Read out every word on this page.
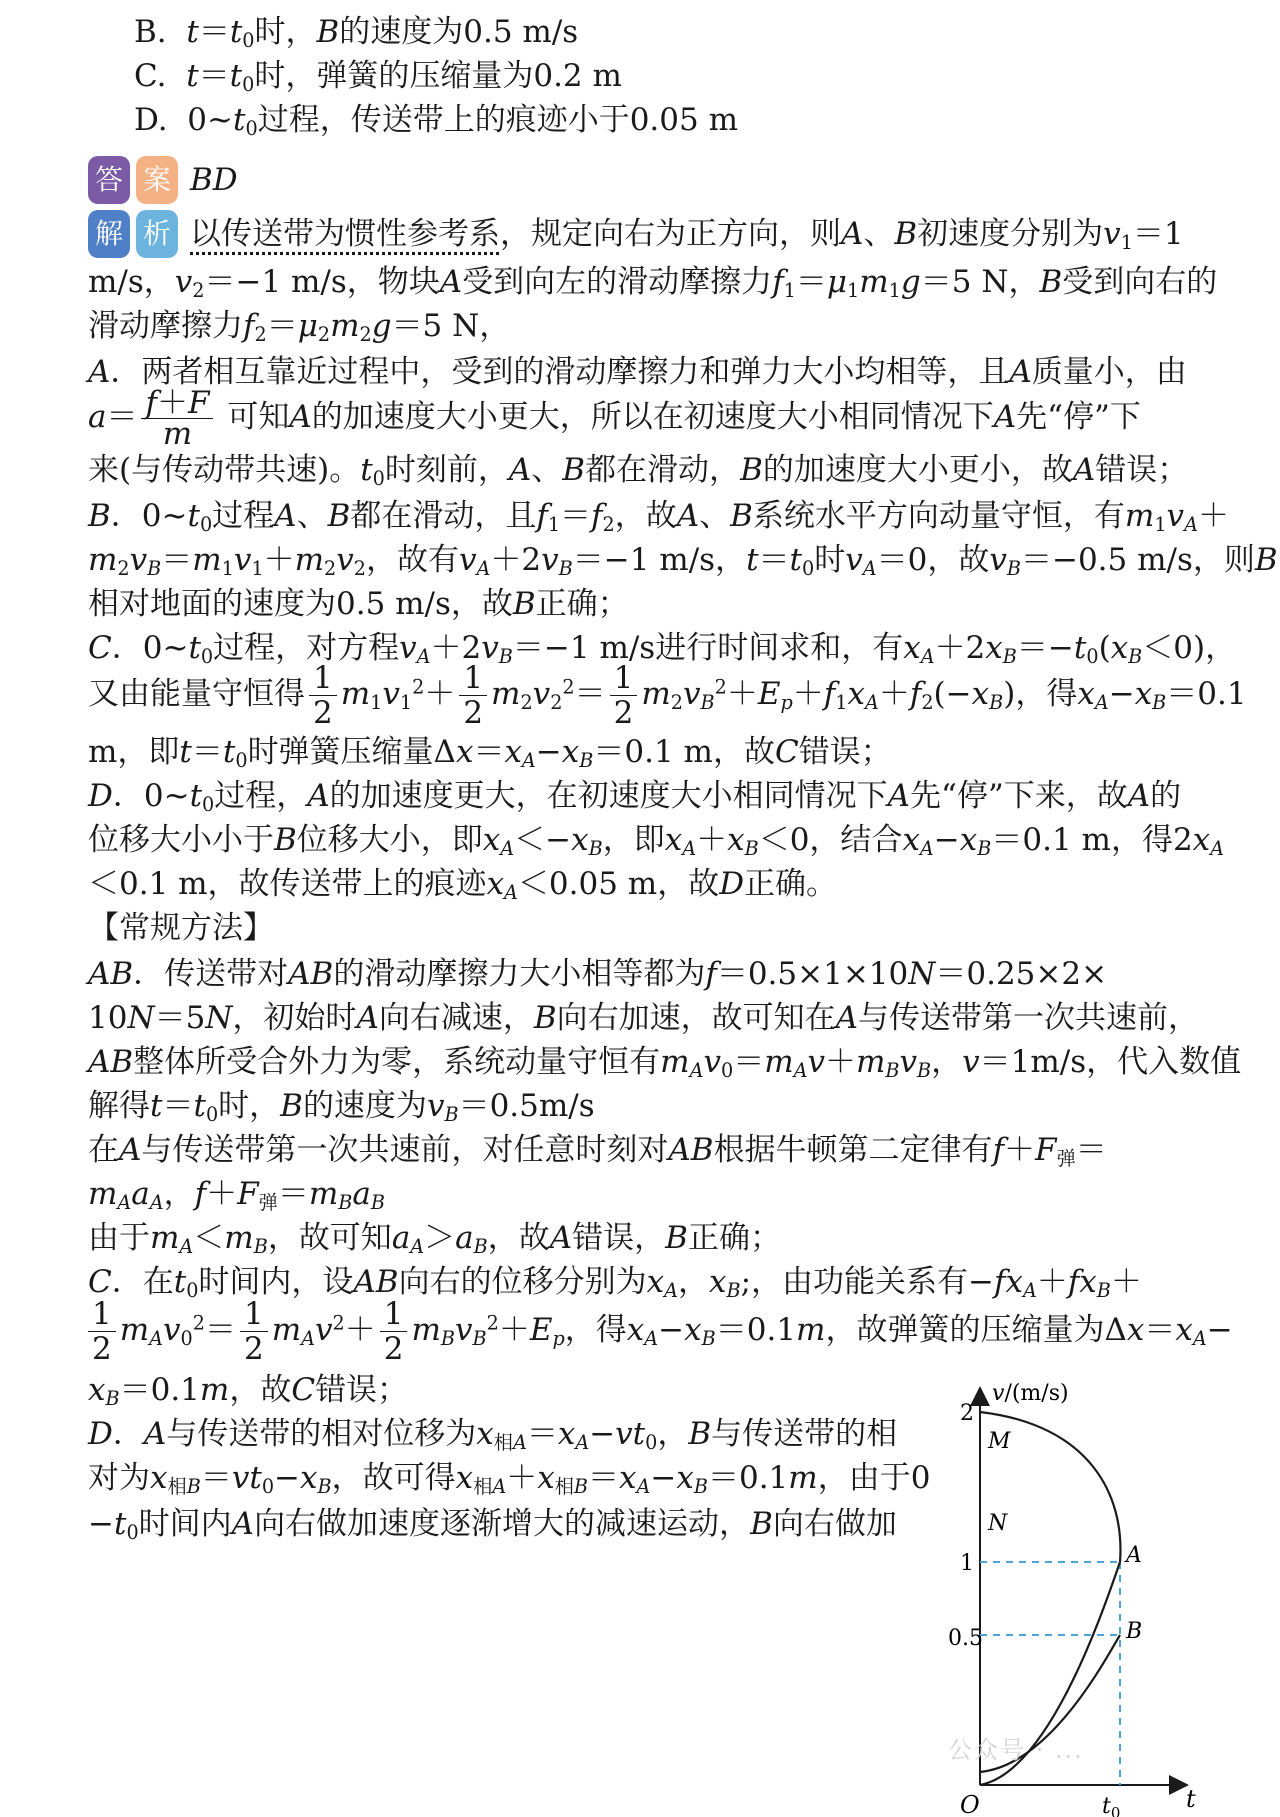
B.  $t=t_0$时，B的速度为0.5 m/s
C.  $t=t_0$时，弹簧的压缩量为0.2 m
D.  $0\sim t_0$过程，传送带上的痕迹小于0.05 m
答 案 BD
解 析 以传送带为惯性参考系，规定向右为正方向，则A、B初速度分别为$v_1=1$
m/s，$v_2=-1$ m/s，物块A受到向左的滑动摩擦力$f_1=\mu_1m_1g=5$ N，B受到向右的
滑动摩擦力$f_2=\mu_2m_2g=5$ N，
A．两者相互靠近过程中，受到的滑动摩擦力和弹力大小均相等，且A质量小，由
$a= \frac{f+F}{m}$ 可知A的加速度大小更大，所以在初速度大小相同情况下A先“停”下
来(与传动带共速)。$t_0$时刻前，A、B都在滑动，B的加速度大小更小，故A错误；
B．$0\sim t_0$过程A、B都在滑动，且$f_1=f_2$，故A、B系统水平方向动量守恒，有$m_1v_A+$
$m_2v_B=m_1v_1+m_2v_2$，故有$v_A+2v_B=-1$ m/s，$t=t_0$时$v_A=0$，故$v_B=-0.5$ m/s，则B
相对地面的速度为0.5 m/s，故B正确；
C．$0\sim t_0$过程，对方程$v_A+2v_B=-1$ m/s进行时间求和，有$x_A+2x_B=-t_0(x_B<0)$，
又由能量守恒得 $\frac{1}{2} m_1v_1^2+ \frac{1}{2} m_2v_2^2= \frac{1}{2} m_2v_B^2+E_p+f_1x_A+f_2(-x_B)$，得$x_A-x_B=0.1$
m，即$t=t_0$时弹簧压缩量$\Delta x=x_A-x_B=0.1$ m，故C错误；
D．$0\sim t_0$过程，A的加速度更大，在初速度大小相同情况下A先“停”下来，故A的
位移大小小于B位移大小，即$x_A<-x_B$，即$x_A+x_B<0$，结合$x_A-x_B=0.1$ m，得$2x_A$
＜0.1 m，故传送带上的痕迹$x_A<0.05$ m，故D正确。
【常规方法】
AB．传送带对AB的滑动摩擦力大小相等都为f＝0.5×1×10N＝0.25×2×
10N＝5N，初始时A向右减速，B向右加速，故可知在A与传送带第一次共速前，
AB整体所受合外力为零，系统动量守恒有$m_Av_0=m_Av+m_Bv_B$，v＝1m/s，代入数值
解得$t=t_0$时，B的速度为$v_B=0.5m/s$
在A与传送带第一次共速前，对任意时刻对AB根据牛顿第二定律有$f+F_弹=$
$m_Aa_A$，$f+F_弹=m_Ba_B$
由于$m_A<m_B$，故可知$a_A>a_B$，故A错误，B正确；
C．在$t_0$时间内，设AB向右的位移分别为$x_A$，$x_B$;，由功能关系有$-fx_A+fx_B+$
$\frac{1}{2} m_Av_0^2= \frac{1}{2} m_Av^2+ \frac{1}{2} m_Bv_B^2+E_p$，得$x_A-x_B=0.1m$，故弹簧的压缩量为$\Delta x=x_A-$
$x_B=0.1m$，故C错误；
D．A与传送带的相对位移为$x_{相A}=x_A-vt_0$，B与传送带的相
对为$x_{相B}=vt_0-x_B$，故可得$x_{相A}+x_{相B}=x_A-x_B=0.1m$，由于0
$-t_0$时间内A向右做加速度逐渐增大的减速运动，B向右做加
v/(m/s)
t
O
2
1
0.5
$t_0$
M
N
A
B
公众号 · ...
